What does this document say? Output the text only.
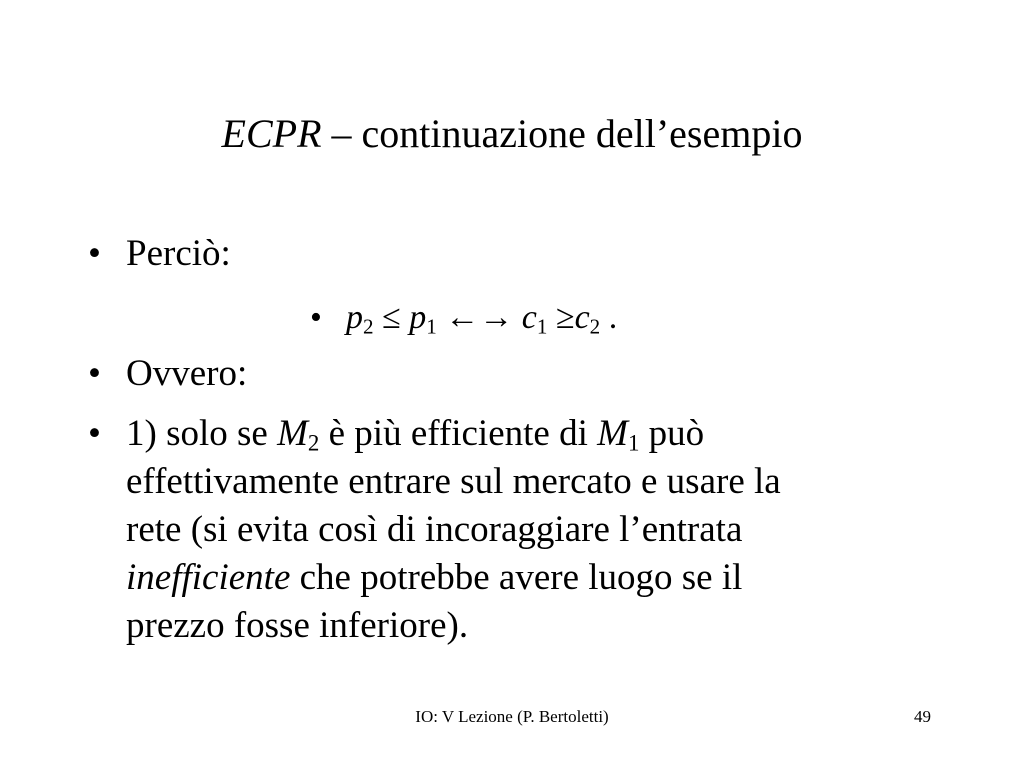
ECPR – continuazione dell’esempio
• Perciò:
• $p_2 \le p_1$ ←→ $c_1 \ge c_2$ .
• Ovvero:
• 1) solo se $M_2$ è più efficiente di $M_1$ può
effettivamente entrare sul mercato e usare la
rete (si evita così di incoraggiare l’entrata
inefficiente che potrebbe avere luogo se il
prezzo fosse inferiore).
IO: V Lezione (P. Bertoletti)	49
